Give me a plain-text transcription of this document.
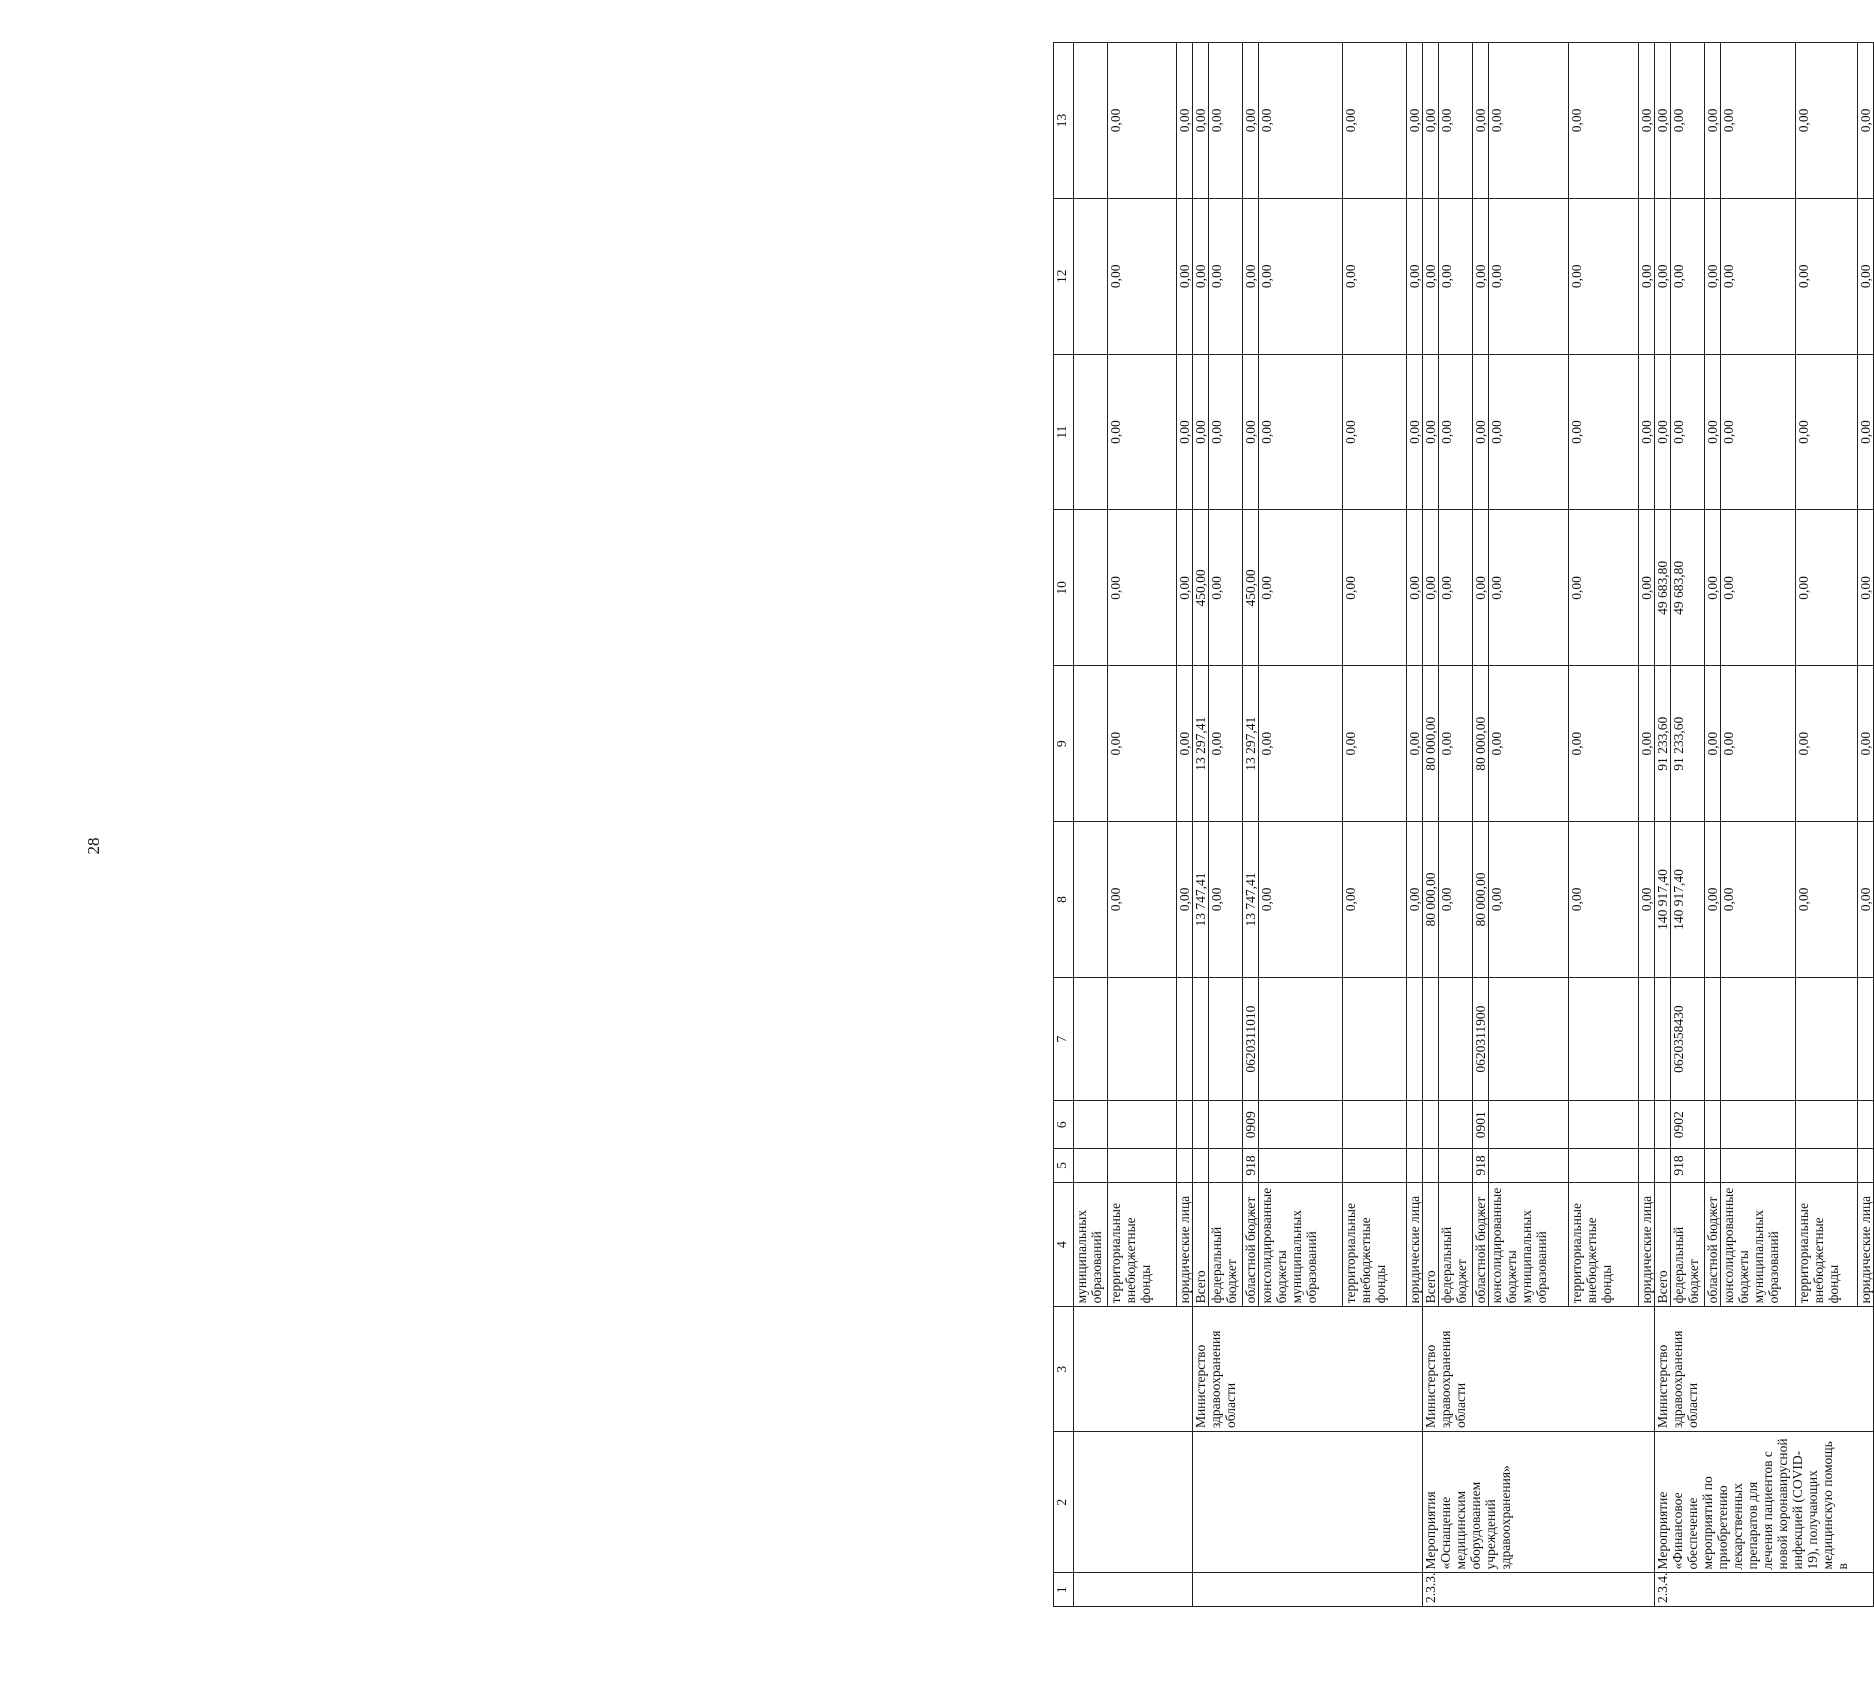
28
1	2	3	4	5	6	7	8	9	10	11	12	13
			муниципальных образований									
			территориальные внебюджетные фонды				0,00	0,00	0,00	0,00	0,00	0,00
			юридические лица				0,00	0,00	0,00	0,00	0,00	0,00
		Министерство здравоохранения области	Всего				13 747,41	13 297,41	450,00	0,00	0,00	0,00
			федеральный бюджет				0,00	0,00	0,00	0,00	0,00	0,00
			областной бюджет	918	0909	0620311010	13 747,41	13 297,41	450,00	0,00	0,00	0,00
			консолидированные бюджеты муниципальных образований				0,00	0,00	0,00	0,00	0,00	0,00
			территориальные внебюджетные фонды				0,00	0,00	0,00	0,00	0,00	0,00
			юридические лица				0,00	0,00	0,00	0,00	0,00	0,00
2.3.3.	Мероприятия «Оснащение медицинским оборудованием учреждений здравоохранения»	Министерство здравоохранения области	Всего				80 000,00	80 000,00	0,00	0,00	0,00	0,00
			федеральный бюджет				0,00	0,00	0,00	0,00	0,00	0,00
			областной бюджет	918	0901	0620311900	80 000,00	80 000,00	0,00	0,00	0,00	0,00
			консолидированные бюджеты муниципальных образований				0,00	0,00	0,00	0,00	0,00	0,00
			территориальные внебюджетные фонды				0,00	0,00	0,00	0,00	0,00	0,00
			юридические лица				0,00	0,00	0,00	0,00	0,00	0,00
2.3.4.	Мероприятие «Финансовое обеспечение мероприятий по приобретению лекарственных препаратов для лечения пациентов с новой коронавирусной инфекцией (COVID-19), получающих медицинскую помощь в	Министерство здравоохранения области	Всего				140 917,40	91 233,60	49 683,80	0,00	0,00	0,00
			федеральный бюджет	918	0902	0620358430	140 917,40	91 233,60	49 683,80	0,00	0,00	0,00
			областной бюджет				0,00	0,00	0,00	0,00	0,00	0,00
			консолидированные бюджеты муниципальных образований				0,00	0,00	0,00	0,00	0,00	0,00
			территориальные внебюджетные фонды				0,00	0,00	0,00	0,00	0,00	0,00
			юридические лица				0,00	0,00	0,00	0,00	0,00	0,00
